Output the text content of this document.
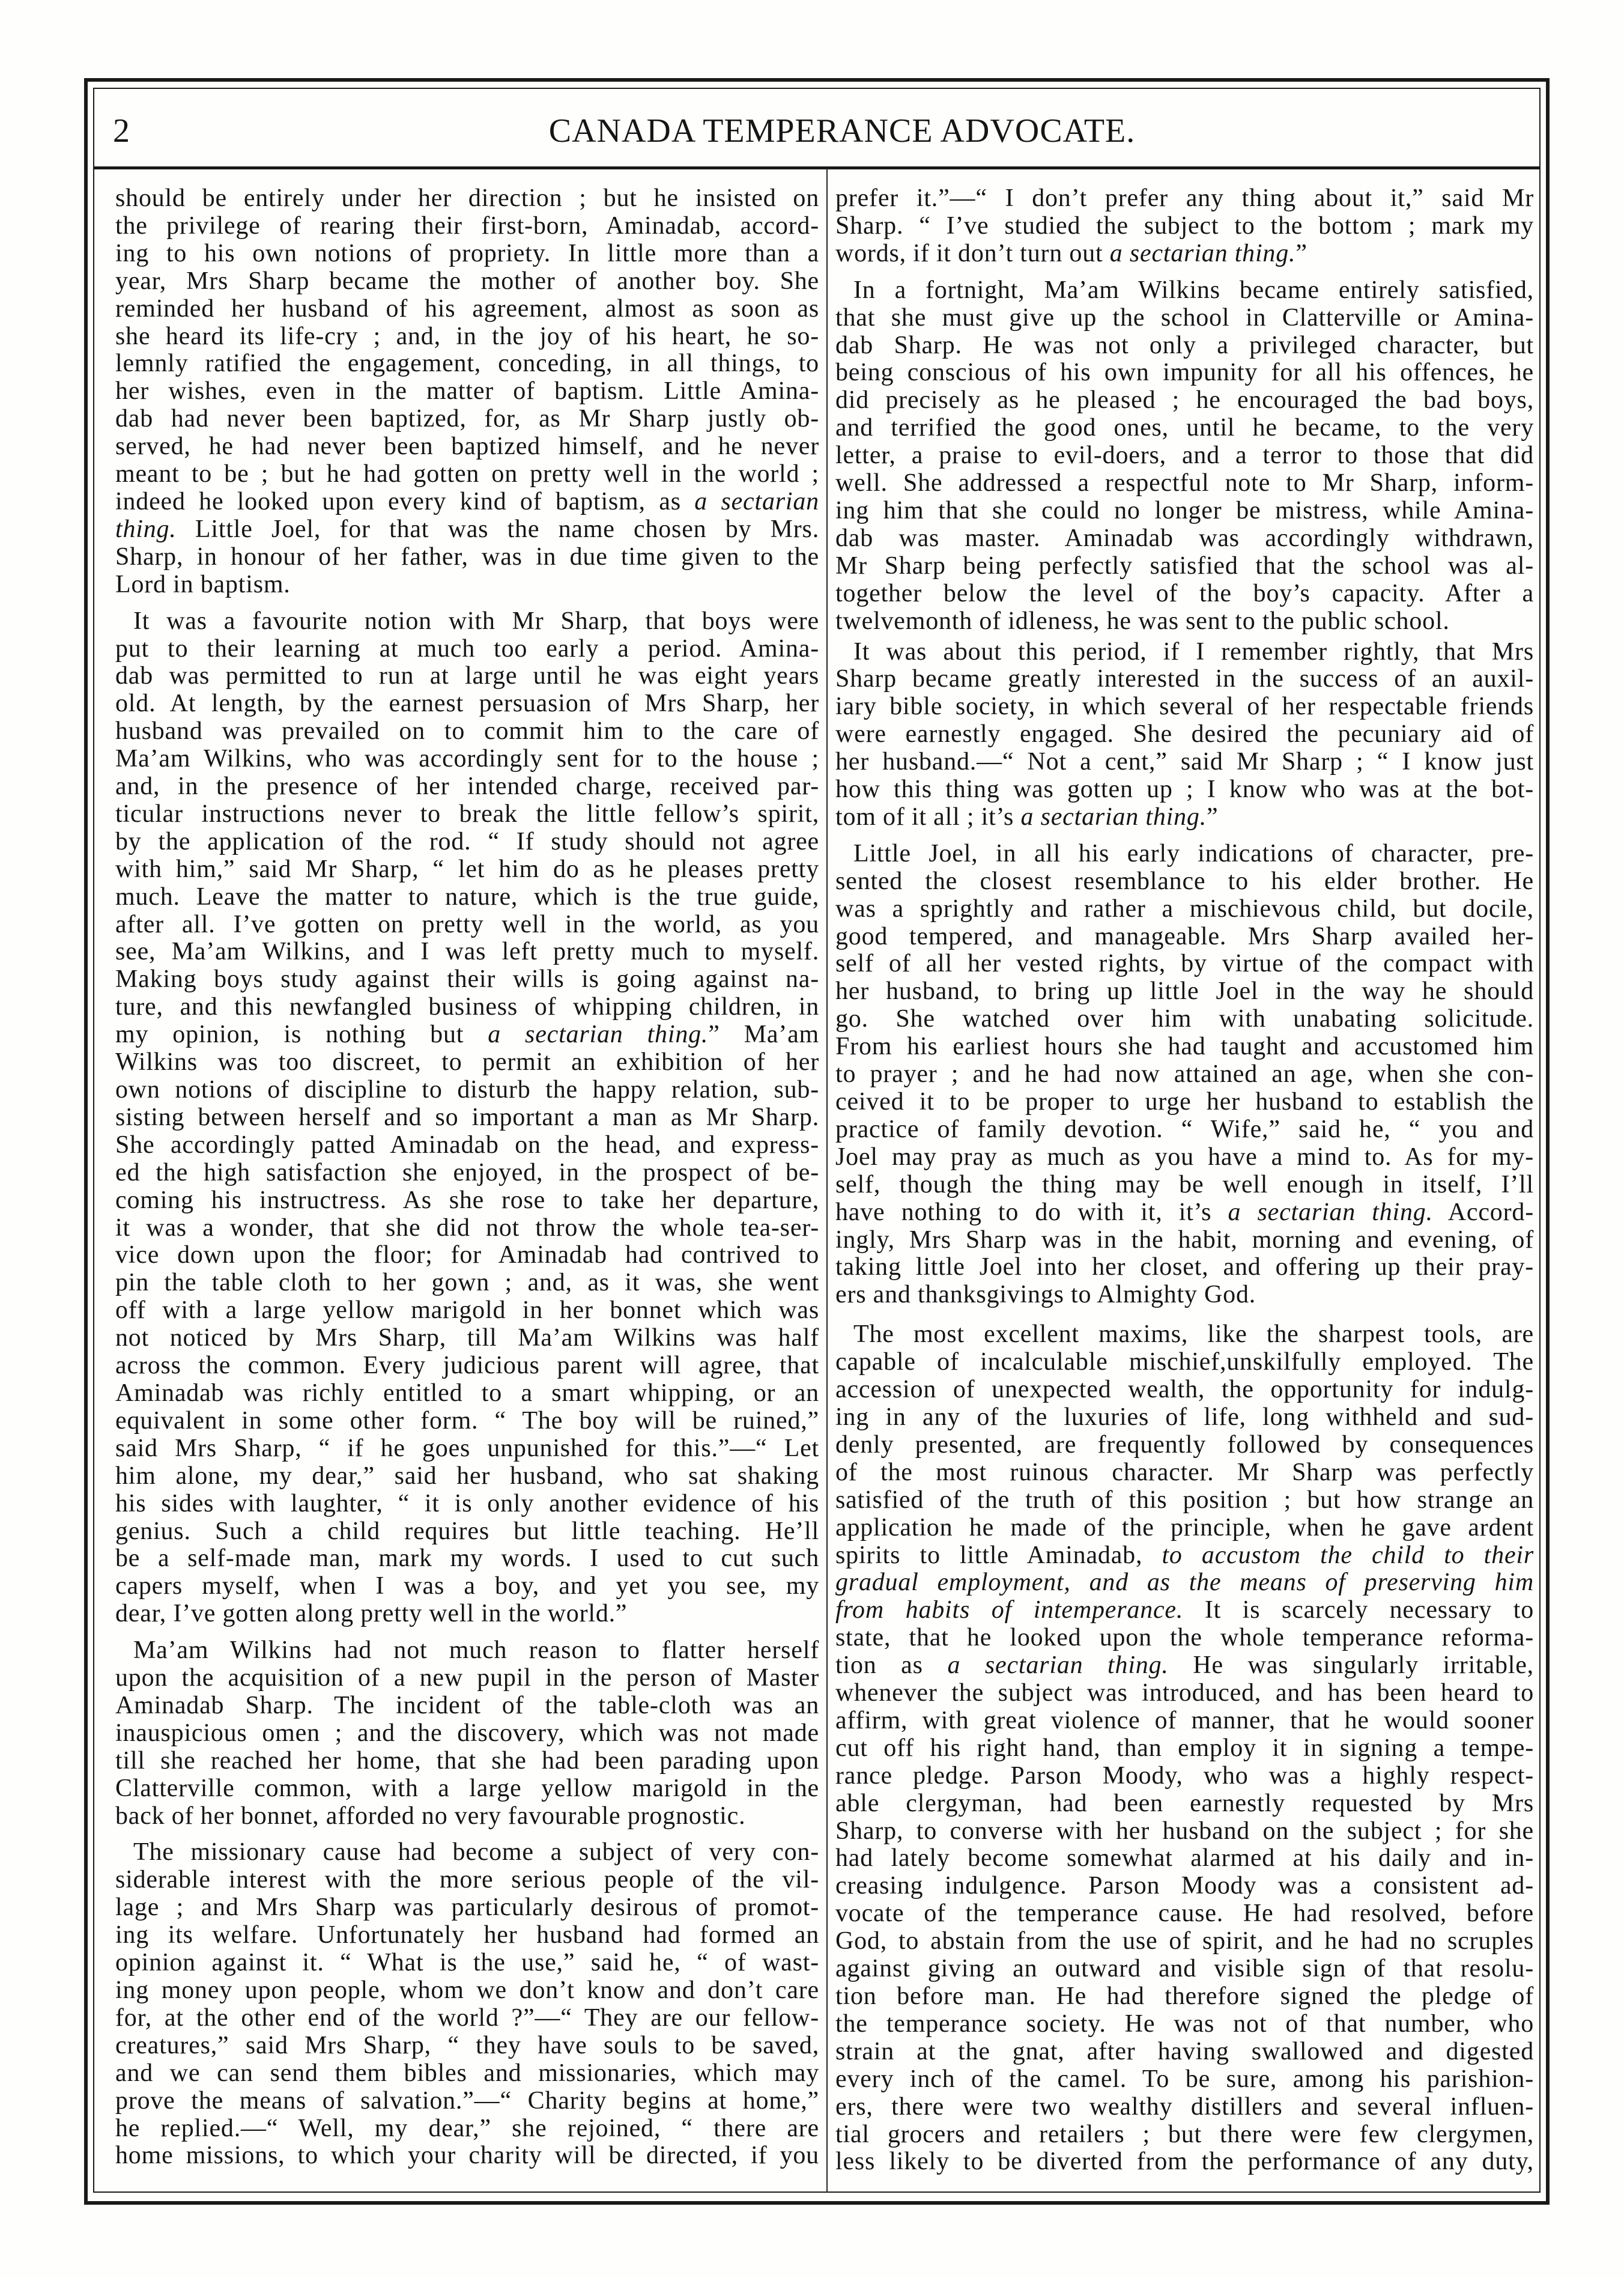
2	CANADA TEMPERANCE ADVOCATE.
should be entirely under her direction ; but he insisted on
the privilege of rearing their first-born, Aminadab, accord-
ing to his own notions of propriety. In little more than a
year, Mrs Sharp became the mother of another boy. She
reminded her husband of his agreement, almost as soon as
she heard its life-cry ; and, in the joy of his heart, he so-
lemnly ratified the engagement, conceding, in all things, to
her wishes, even in the matter of baptism. Little Amina-
dab had never been baptized, for, as Mr Sharp justly ob-
served, he had never been baptized himself, and he never
meant to be ; but he had gotten on pretty well in the world ;
indeed he looked upon every kind of baptism, as a sectarian
thing. Little Joel, for that was the name chosen by Mrs.
Sharp, in honour of her father, was in due time given to the
Lord in baptism.
It was a favourite notion with Mr Sharp, that boys were
put to their learning at much too early a period. Amina-
dab was permitted to run at large until he was eight years
old. At length, by the earnest persuasion of Mrs Sharp, her
husband was prevailed on to commit him to the care of
Ma’am Wilkins, who was accordingly sent for to the house ;
and, in the presence of her intended charge, received par-
ticular instructions never to break the little fellow’s spirit,
by the application of the rod. “ If study should not agree
with him,” said Mr Sharp, “ let him do as he pleases pretty
much. Leave the matter to nature, which is the true guide,
after all. I’ve gotten on pretty well in the world, as you
see, Ma’am Wilkins, and I was left pretty much to myself.
Making boys study against their wills is going against na-
ture, and this newfangled business of whipping children, in
my opinion, is nothing but a sectarian thing.” Ma’am
Wilkins was too discreet, to permit an exhibition of her
own notions of discipline to disturb the happy relation, sub-
sisting between herself and so important a man as Mr Sharp.
She accordingly patted Aminadab on the head, and express-
ed the high satisfaction she enjoyed, in the prospect of be-
coming his instructress. As she rose to take her departure,
it was a wonder, that she did not throw the whole tea-ser-
vice down upon the floor; for Aminadab had contrived to
pin the table cloth to her gown ; and, as it was, she went
off with a large yellow marigold in her bonnet which was
not noticed by Mrs Sharp, till Ma’am Wilkins was half
across the common. Every judicious parent will agree, that
Aminadab was richly entitled to a smart whipping, or an
equivalent in some other form. “ The boy will be ruined,”
said Mrs Sharp, “ if he goes unpunished for this.”—“ Let
him alone, my dear,” said her husband, who sat shaking
his sides with laughter, “ it is only another evidence of his
genius. Such a child requires but little teaching. He’ll
be a self-made man, mark my words. I used to cut such
capers myself, when I was a boy, and yet you see, my
dear, I’ve gotten along pretty well in the world.”
Ma’am Wilkins had not much reason to flatter herself
upon the acquisition of a new pupil in the person of Master
Aminadab Sharp. The incident of the table-cloth was an
inauspicious omen ; and the discovery, which was not made
till she reached her home, that she had been parading upon
Clatterville common, with a large yellow marigold in the
back of her bonnet, afforded no very favourable prognostic.
The missionary cause had become a subject of very con-
siderable interest with the more serious people of the vil-
lage ; and Mrs Sharp was particularly desirous of promot-
ing its welfare. Unfortunately her husband had formed an
opinion against it. “ What is the use,” said he, “ of wast-
ing money upon people, whom we don’t know and don’t care
for, at the other end of the world ?”—“ They are our fellow-
creatures,” said Mrs Sharp, “ they have souls to be saved,
and we can send them bibles and missionaries, which may
prove the means of salvation.”—“ Charity begins at home,”
he replied.—“ Well, my dear,” she rejoined, “ there are
home missions, to which your charity will be directed, if you
prefer it.”—“ I don’t prefer any thing about it,” said Mr
Sharp. “ I’ve studied the subject to the bottom ; mark my
words, if it don’t turn out a sectarian thing.”
In a fortnight, Ma’am Wilkins became entirely satisfied,
that she must give up the school in Clatterville or Amina-
dab Sharp. He was not only a privileged character, but
being conscious of his own impunity for all his offences, he
did precisely as he pleased ; he encouraged the bad boys,
and terrified the good ones, until he became, to the very
letter, a praise to evil-doers, and a terror to those that did
well. She addressed a respectful note to Mr Sharp, inform-
ing him that she could no longer be mistress, while Amina-
dab was master. Aminadab was accordingly withdrawn,
Mr Sharp being perfectly satisfied that the school was al-
together below the level of the boy’s capacity. After a
twelvemonth of idleness, he was sent to the public school.
It was about this period, if I remember rightly, that Mrs
Sharp became greatly interested in the success of an auxil-
iary bible society, in which several of her respectable friends
were earnestly engaged. She desired the pecuniary aid of
her husband.—“ Not a cent,” said Mr Sharp ; “ I know just
how this thing was gotten up ; I know who was at the bot-
tom of it all ; it’s a sectarian thing.”
Little Joel, in all his early indications of character, pre-
sented the closest resemblance to his elder brother. He
was a sprightly and rather a mischievous child, but docile,
good tempered, and manageable. Mrs Sharp availed her-
self of all her vested rights, by virtue of the compact with
her husband, to bring up little Joel in the way he should
go. She watched over him with unabating solicitude.
From his earliest hours she had taught and accustomed him
to prayer ; and he had now attained an age, when she con-
ceived it to be proper to urge her husband to establish the
practice of family devotion. “ Wife,” said he, “ you and
Joel may pray as much as you have a mind to. As for my-
self, though the thing may be well enough in itself, I’ll
have nothing to do with it, it’s a sectarian thing. Accord-
ingly, Mrs Sharp was in the habit, morning and evening, of
taking little Joel into her closet, and offering up their pray-
ers and thanksgivings to Almighty God.
The most excellent maxims, like the sharpest tools, are
capable of incalculable mischief,unskilfully employed. The
accession of unexpected wealth, the opportunity for indulg-
ing in any of the luxuries of life, long withheld and sud-
denly presented, are frequently followed by consequences
of the most ruinous character. Mr Sharp was perfectly
satisfied of the truth of this position ; but how strange an
application he made of the principle, when he gave ardent
spirits to little Aminadab, to accustom the child to their
gradual employment, and as the means of preserving him
from habits of intemperance. It is scarcely necessary to
state, that he looked upon the whole temperance reforma-
tion as a sectarian thing. He was singularly irritable,
whenever the subject was introduced, and has been heard to
affirm, with great violence of manner, that he would sooner
cut off his right hand, than employ it in signing a tempe-
rance pledge. Parson Moody, who was a highly respect-
able clergyman, had been earnestly requested by Mrs
Sharp, to converse with her husband on the subject ; for she
had lately become somewhat alarmed at his daily and in-
creasing indulgence. Parson Moody was a consistent ad-
vocate of the temperance cause. He had resolved, before
God, to abstain from the use of spirit, and he had no scruples
against giving an outward and visible sign of that resolu-
tion before man. He had therefore signed the pledge of
the temperance society. He was not of that number, who
strain at the gnat, after having swallowed and digested
every inch of the camel. To be sure, among his parishion-
ers, there were two wealthy distillers and several influen-
tial grocers and retailers ; but there were few clergymen,
less likely to be diverted from the performance of any duty,
